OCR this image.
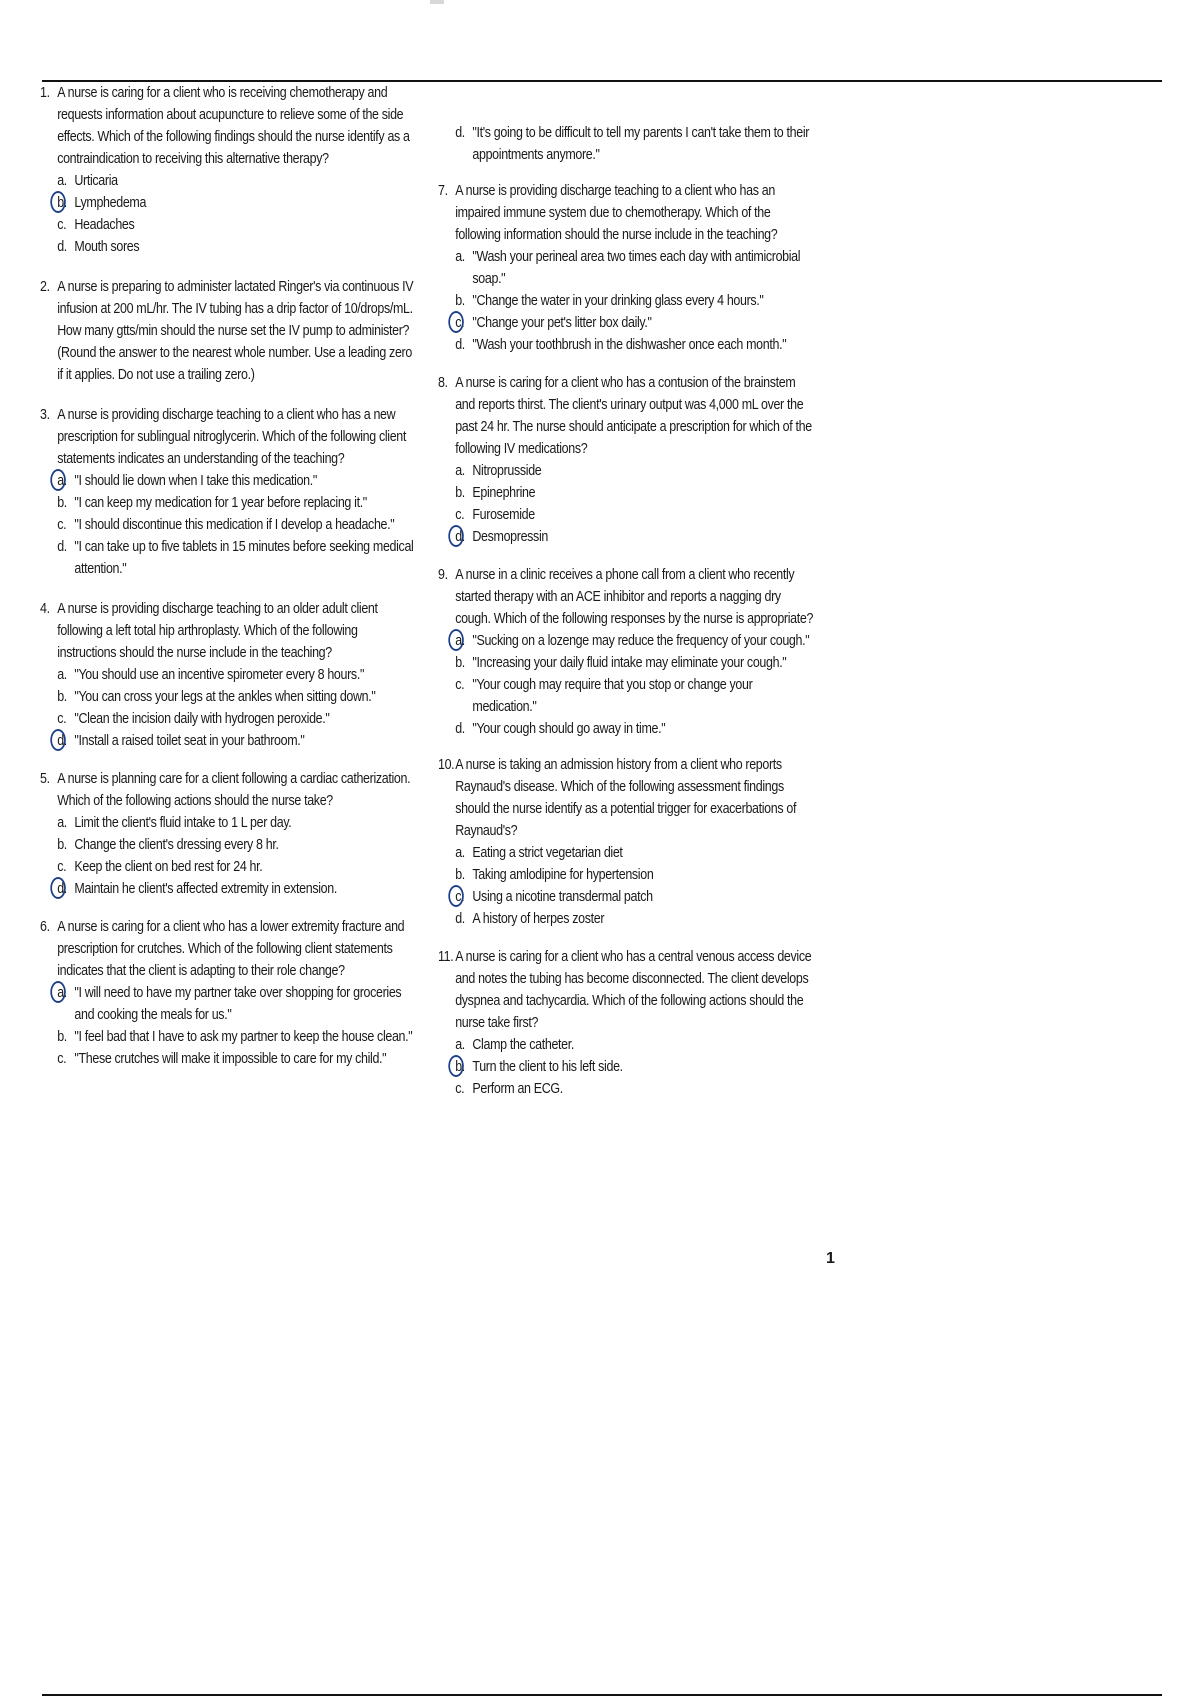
1. A nurse is caring for a client who is receiving chemotherapy and requests information about acupuncture to relieve some of the side effects. Which of the following findings should the nurse identify as a contraindication to receiving this alternative therapy?
a. Urticaria
b. Lymphedema
c. Headaches
d. Mouth sores
2. A nurse is preparing to administer lactated Ringer's via continuous IV infusion at 200 mL/hr. The IV tubing has a drip factor of 10/drops/mL. How many gtts/min should the nurse set the IV pump to administer? (Round the answer to the nearest whole number. Use a leading zero if it applies. Do not use a trailing zero.)
3. A nurse is providing discharge teaching to a client who has a new prescription for sublingual nitroglycerin. Which of the following client statements indicates an understanding of the teaching?
a. "I should lie down when I take this medication."
b. "I can keep my medication for 1 year before replacing it."
c. "I should discontinue this medication if I develop a headache."
d. "I can take up to five tablets in 15 minutes before seeking medical attention."
4. A nurse is providing discharge teaching to an older adult client following a left total hip arthroplasty. Which of the following instructions should the nurse include in the teaching?
a. "You should use an incentive spirometer every 8 hours."
b. "You can cross your legs at the ankles when sitting down."
c. "Clean the incision daily with hydrogen peroxide."
d. "Install a raised toilet seat in your bathroom."
5. A nurse is planning care for a client following a cardiac catherization. Which of the following actions should the nurse take?
a. Limit the client's fluid intake to 1 L per day.
b. Change the client's dressing every 8 hr.
c. Keep the client on bed rest for 24 hr.
d. Maintain he client's affected extremity in extension.
6. A nurse is caring for a client who has a lower extremity fracture and prescription for crutches. Which of the following client statements indicates that the client is adapting to their role change?
a. "I will need to have my partner take over shopping for groceries and cooking the meals for us."
b. "I feel bad that I have to ask my partner to keep the house clean."
c. "These crutches will make it impossible to care for my child."
d. "It's going to be difficult to tell my parents I can't take them to their appointments anymore."
7. A nurse is providing discharge teaching to a client who has an impaired immune system due to chemotherapy. Which of the following information should the nurse include in the teaching?
a. "Wash your perineal area two times each day with antimicrobial soap."
b. "Change the water in your drinking glass every 4 hours."
c. "Change your pet's litter box daily."
d. "Wash your toothbrush in the dishwasher once each month."
8. A nurse is caring for a client who has a contusion of the brainstem and reports thirst. The client's urinary output was 4,000 mL over the past 24 hr. The nurse should anticipate a prescription for which of the following IV medications?
a. Nitroprusside
b. Epinephrine
c. Furosemide
d. Desmopressin
9. A nurse in a clinic receives a phone call from a client who recently started therapy with an ACE inhibitor and reports a nagging dry cough. Which of the following responses by the nurse is appropriate?
a. "Sucking on a lozenge may reduce the frequency of your cough."
b. "Increasing your daily fluid intake may eliminate your cough."
c. "Your cough may require that you stop or change your medication."
d. "Your cough should go away in time."
10. A nurse is taking an admission history from a client who reports Raynaud's disease. Which of the following assessment findings should the nurse identify as a potential trigger for exacerbations of Raynaud's?
a. Eating a strict vegetarian diet
b. Taking amlodipine for hypertension
c. Using a nicotine transdermal patch
d. A history of herpes zoster
11. A nurse is caring for a client who has a central venous access device and notes the tubing has become disconnected. The client develops dyspnea and tachycardia. Which of the following actions should the nurse take first?
a. Clamp the catheter.
b. Turn the client to his left side.
c. Perform an ECG.
1
